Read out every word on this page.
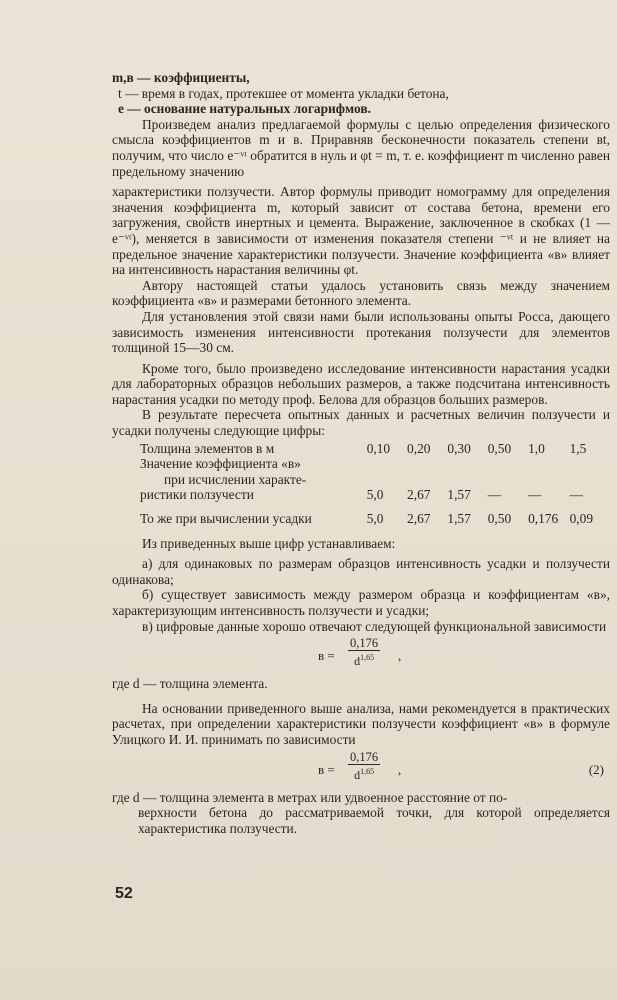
m,в — коэффициенты,

t — время в годах, протекшее от момента укладки бетона,

e — основание натуральных логарифмов.

Произведем анализ предлагаемой формулы с целью определения физического смысла коэффициентов m и в. Приравняв бесконечности показатель степени вt, получим, что число e⁻ᵛᵗ обратится в нуль и φt = m, т. е. коэффициент m численно равен предельному значению

характеристики ползучести. Автор формулы приводит номограмму для определения значения коэффициента m, который зависит от состава бетона, времени его загружения, свойств инертных и цемента. Выражение, заключенное в скобках (1 — e⁻ᵛᵗ), меняется в зависимости от изменения показателя степени ⁻ᵛᵗ и не влияет на предельное значение характеристики ползучести. Значение коэффициента «в» влияет на интенсивность нарастания величины φt.

Автору настоящей статьи удалось установить связь между значением коэффициента «в» и размерами бетонного элемента.

Для установления этой связи нами были использованы опыты Росса, дающего зависимость изменения интенсивности протекания ползучести для элементов толщиной 15—30 см.

Кроме того, было произведено исследование интенсивности нарастания усадки для лабораторных образцов небольших размеров, а также подсчитана интенсивность нарастания усадки по методу проф. Белова для образцов больших размеров.

В результате пересчета опытных данных и расчетных величин ползучести и усадки получены следующие цифры:

Толщина элементов в м	0,10	0,20	0,30	0,50	1,0	1,5
Значение коэффициента «в»						
при исчислении характе-						
ристики ползучести	5,0	2,67	1,57	—	—	—

То же при вычислении усадки	5,0	2,67	1,57	0,50	0,176	0,09

Из приведенных выше цифр устанавливаем:

а) для одинаковых по размерам образцов интенсивность усадки и ползучести одинакова;

б) существует зависимость между размером образца и коэффициентам «в», характеризующим интенсивность ползучести и усадки;

в) цифровые данные хорошо отвечают следующей функциональной зависимости

$в = \frac{0,176}{d^{1,65}}$ ,

где d — толщина элемента.

На основании приведенного выше анализа, нами рекомендуется в практических расчетах, при определении характеристики ползучести коэффициент «в» в формуле Улицкого И. И. принимать по зависимости

$в = \frac{0,176}{d^{1,65}}$ ,	(2)

где d — толщина элемента в метрах или удвоенное расстояние от по-

верхности бетона до рассматриваемой точки, для которой определяется характеристика ползучести.

52
